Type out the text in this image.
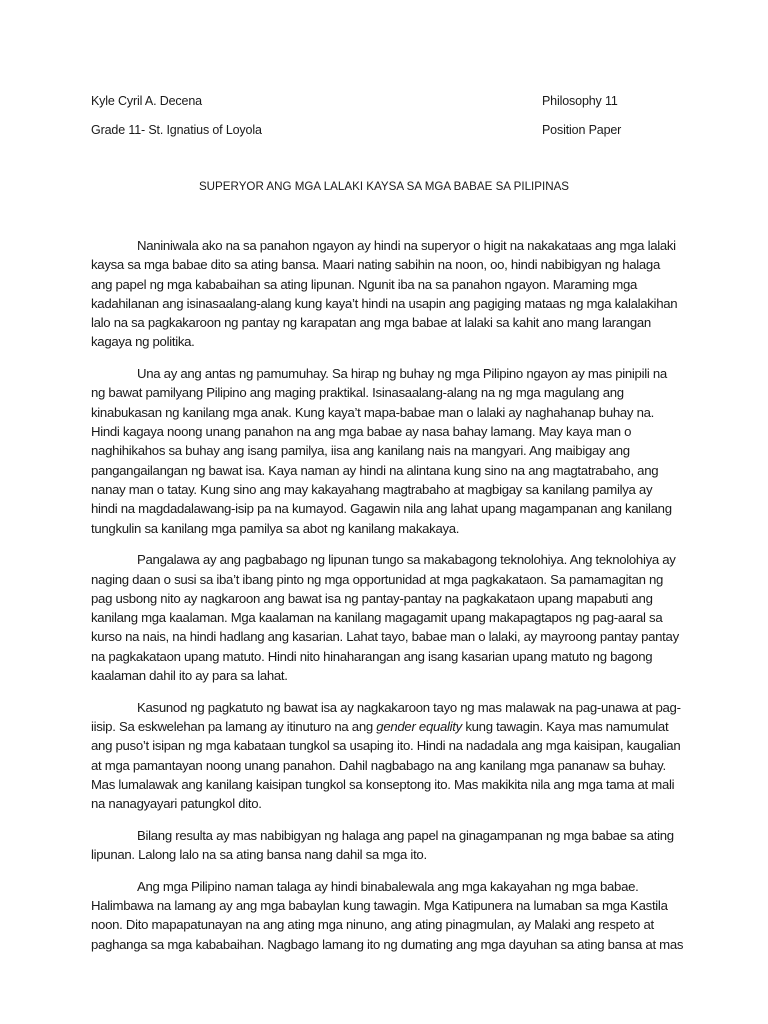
Kyle Cyril A. Decena
Grade 11- St. Ignatius of Loyola
Philosophy 11
Position Paper
SUPERYOR ANG MGA LALAKI KAYSA SA MGA BABAE SA PILIPINAS
Naniniwala ako na sa panahon ngayon ay hindi na superyor o higit na nakakataas ang mga lalaki
kaysa sa mga babae dito sa ating bansa. Maari nating sabihin na noon, oo, hindi nabibigyan ng halaga
ang papel ng mga kababaihan sa ating lipunan. Ngunit iba na sa panahon ngayon. Maraming mga
kadahilanan ang isinasaalang-alang kung kaya’t hindi na usapin ang pagiging mataas ng mga kalalakihan
lalo na sa pagkakaroon ng pantay ng karapatan ang mga babae at lalaki sa kahit ano mang larangan
kagaya ng politika.
Una ay ang antas ng pamumuhay. Sa hirap ng buhay ng mga Pilipino ngayon ay mas pinipili na
ng bawat pamilyang Pilipino ang maging praktikal. Isinasaalang-alang na ng mga magulang ang
kinabukasan ng kanilang mga anak. Kung kaya’t mapa-babae man o lalaki ay naghahanap buhay na.
Hindi kagaya noong unang panahon na ang mga babae ay nasa bahay lamang. May kaya man o
naghihikahos sa buhay ang isang pamilya, iisa ang kanilang nais na mangyari. Ang maibigay ang
pangangailangan ng bawat isa. Kaya naman ay hindi na alintana kung sino na ang magtatrabaho, ang
nanay man o tatay. Kung sino ang may kakayahang magtrabaho at magbigay sa kanilang pamilya ay
hindi na magdadalawang-isip pa na kumayod. Gagawin nila ang lahat upang magampanan ang kanilang
tungkulin sa kanilang mga pamilya sa abot ng kanilang makakaya.
Pangalawa ay ang pagbabago ng lipunan tungo sa makabagong teknolohiya. Ang teknolohiya ay
naging daan o susi sa iba’t ibang pinto ng mga opportunidad at mga pagkakataon. Sa pamamagitan ng
pag usbong nito ay nagkaroon ang bawat isa ng pantay-pantay na pagkakataon upang mapabuti ang
kanilang mga kaalaman. Mga kaalaman na kanilang magagamit upang makapagtapos ng pag-aaral sa
kurso na nais, na hindi hadlang ang kasarian. Lahat tayo, babae man o lalaki, ay mayroong pantay pantay
na pagkakataon upang matuto. Hindi nito hinaharangan ang isang kasarian upang matuto ng bagong
kaalaman dahil ito ay para sa lahat.
Kasunod ng pagkatuto ng bawat isa ay nagkakaroon tayo ng mas malawak na pag-unawa at pag-
iisip. Sa eskwelehan pa lamang ay itinuturo na ang gender equality kung tawagin. Kaya mas namumulat
ang puso’t isipan ng mga kabataan tungkol sa usaping ito. Hindi na nadadala ang mga kaisipan, kaugalian
at mga pamantayan noong unang panahon. Dahil nagbabago na ang kanilang mga pananaw sa buhay.
Mas lumalawak ang kanilang kaisipan tungkol sa konseptong ito. Mas makikita nila ang mga tama at mali
na nanagyayari patungkol dito.
Bilang resulta ay mas nabibigyan ng halaga ang papel na ginagampanan ng mga babae sa ating
lipunan. Lalong lalo na sa ating bansa nang dahil sa mga ito.
Ang mga Pilipino naman talaga ay hindi binabalewala ang mga kakayahan ng mga babae.
Halimbawa na lamang ay ang mga babaylan kung tawagin. Mga Katipunera na lumaban sa mga Kastila
noon. Dito mapapatunayan na ang ating mga ninuno, ang ating pinagmulan, ay Malaki ang respeto at
paghanga sa mga kababaihan. Nagbago lamang ito ng dumating ang mga dayuhan sa ating bansa at mas
